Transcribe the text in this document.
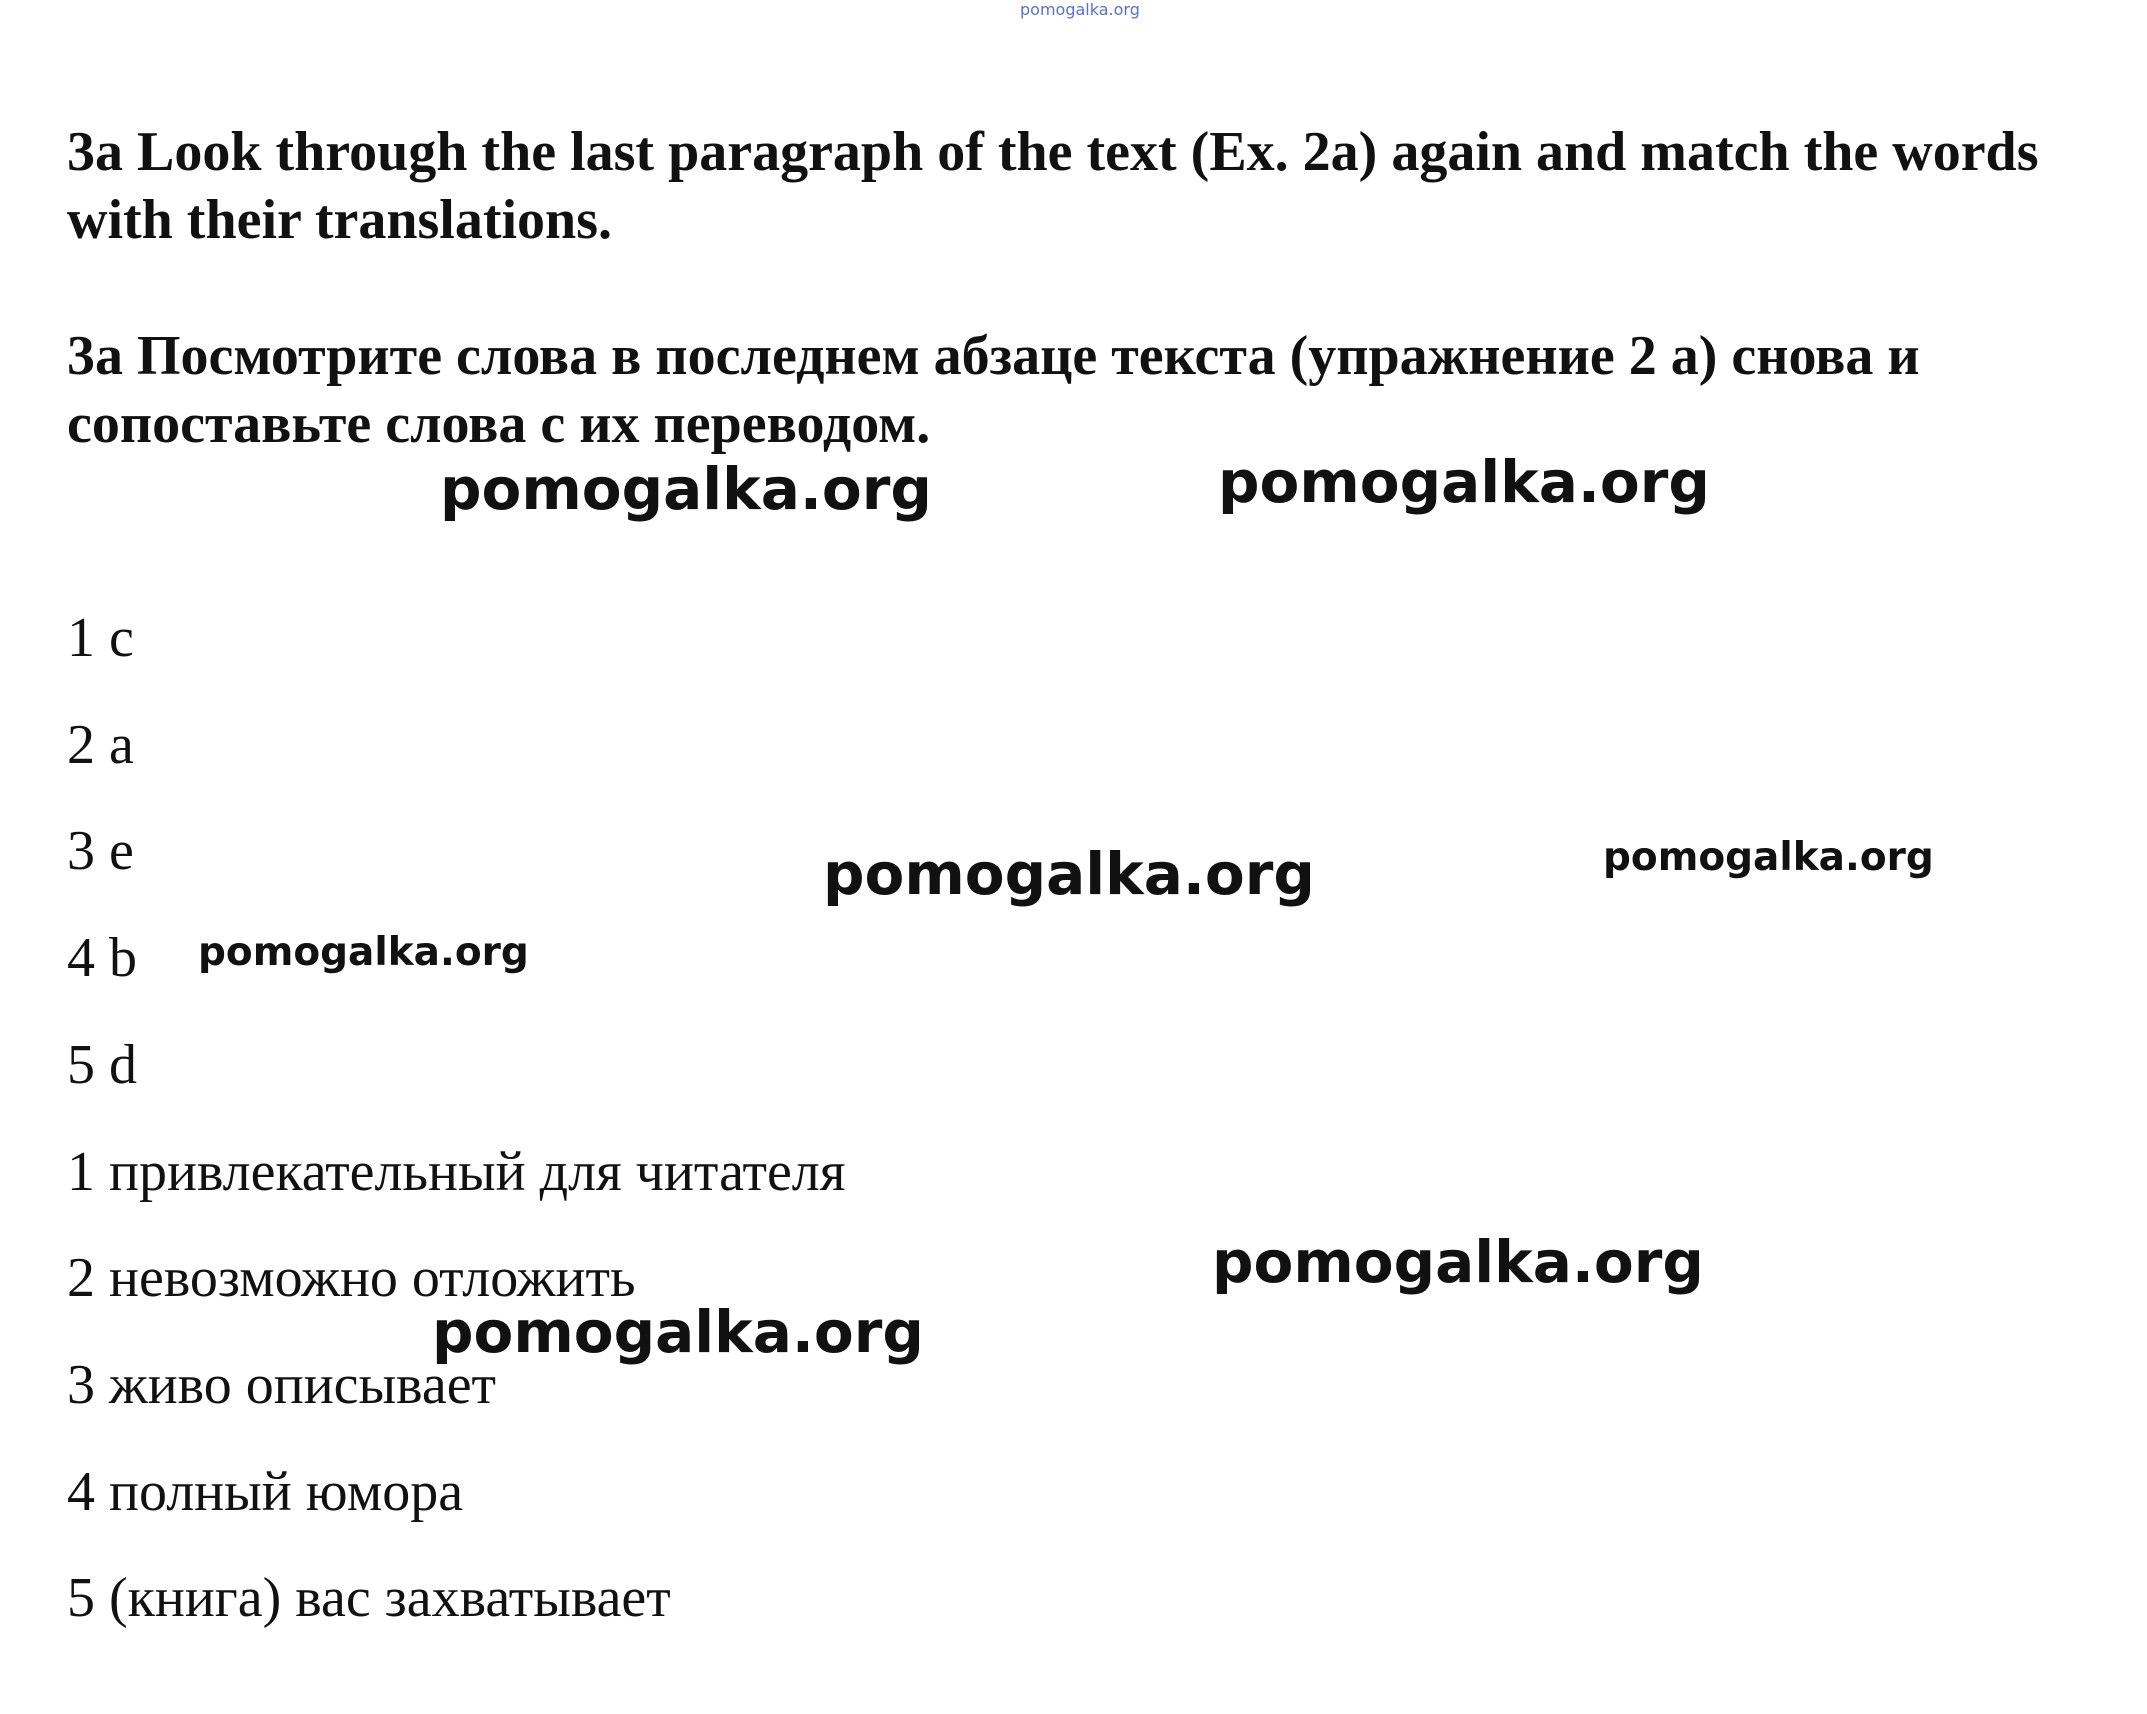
pomogalka.org

3a Look through the last paragraph of the text (Ex. 2a) again and match the words with their translations.

3a Посмотрите слова в последнем абзаце текста (упражнение 2 a) снова и сопоставьте слова с их переводом.

1 c
2 a
3 e
4 b
5 d
1 привлекательный для читателя
2 невозможно отложить
3 живо описывает
4 полный юмора
5 (книга) вас захватывает
pomogalka.org	pomogalka.org
pomogalka.org	pomogalka.org
pomogalka.org
pomogalka.org
pomogalka.org
